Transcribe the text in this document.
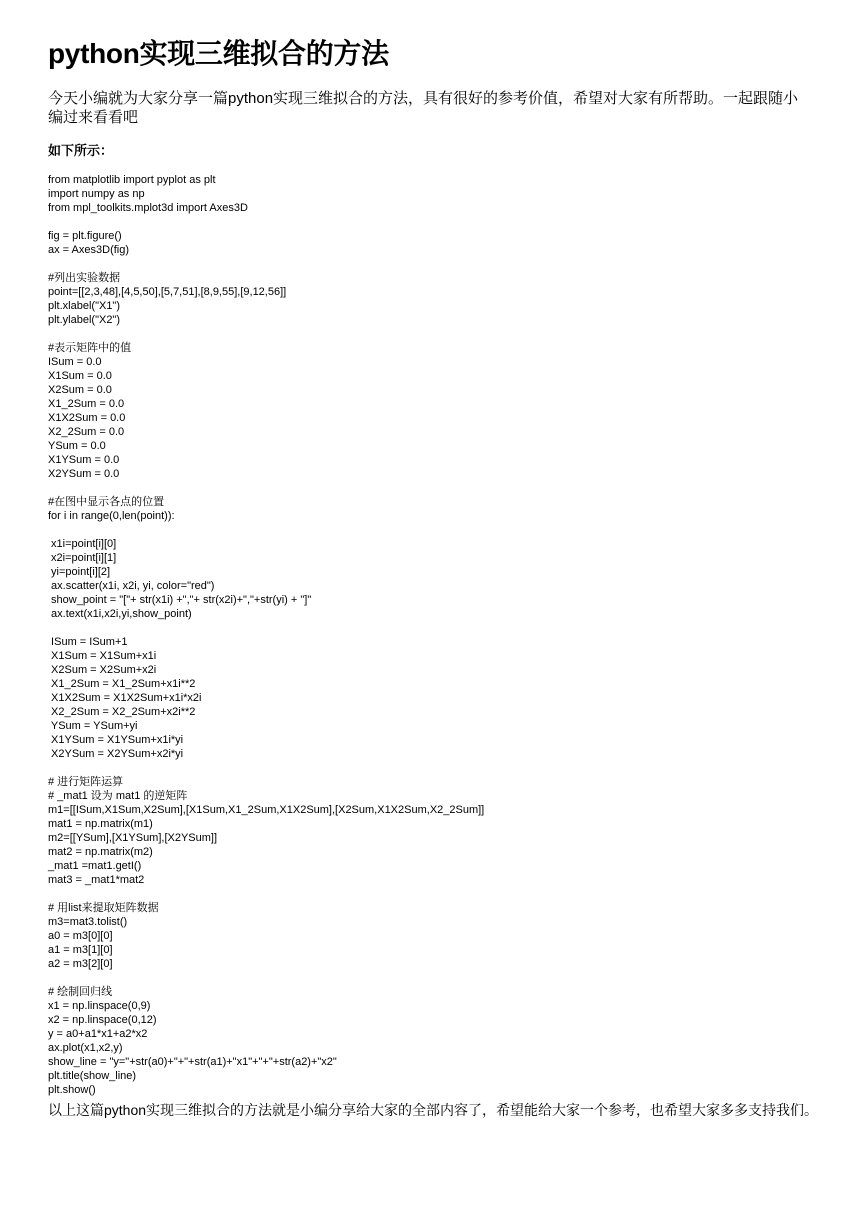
python实现三维拟合的方法

今天小编就为大家分享一篇python实现三维拟合的方法，具有很好的参考价值，希望对大家有所帮助。一起跟随小编过来看看吧

如下所示：

from matplotlib import pyplot as plt
import numpy as np
from mpl_toolkits.mplot3d import Axes3D

fig = plt.figure()
ax = Axes3D(fig)

#列出实验数据
point=[[2,3,48],[4,5,50],[5,7,51],[8,9,55],[9,12,56]]
plt.xlabel("X1")
plt.ylabel("X2")

#表示矩阵中的值
ISum = 0.0
X1Sum = 0.0
X2Sum = 0.0
X1_2Sum = 0.0
X1X2Sum = 0.0
X2_2Sum = 0.0
YSum = 0.0
X1YSum = 0.0
X2YSum = 0.0

#在图中显示各点的位置
for i in range(0,len(point)):

x1i=point[i][0]
x2i=point[i][1]
yi=point[i][2]
ax.scatter(x1i, x2i, yi, color="red")
show_point = "["+ str(x1i) +","+ str(x2i)+","+str(yi) + "]"
ax.text(x1i,x2i,yi,show_point)

ISum = ISum+1
X1Sum = X1Sum+x1i
X2Sum = X2Sum+x2i
X1_2Sum = X1_2Sum+x1i**2
X1X2Sum = X1X2Sum+x1i*x2i
X2_2Sum = X2_2Sum+x2i**2
YSum = YSum+yi
X1YSum = X1YSum+x1i*yi
X2YSum = X2YSum+x2i*yi

# 进行矩阵运算
# _mat1 设为 mat1 的逆矩阵
m1=[[ISum,X1Sum,X2Sum],[X1Sum,X1_2Sum,X1X2Sum],[X2Sum,X1X2Sum,X2_2Sum]]
mat1 = np.matrix(m1)
m2=[[YSum],[X1YSum],[X2YSum]]
mat2 = np.matrix(m2)
_mat1 =mat1.getI()
mat3 = _mat1*mat2

# 用list来提取矩阵数据
m3=mat3.tolist()
a0 = m3[0][0]
a1 = m3[1][0]
a2 = m3[2][0]

# 绘制回归线
x1 = np.linspace(0,9)
x2 = np.linspace(0,12)
y = a0+a1*x1+a2*x2
ax.plot(x1,x2,y)
show_line = "y="+str(a0)+"+"+str(a1)+"x1"+"+"+str(a2)+"x2"
plt.title(show_line)
plt.show()

以上这篇python实现三维拟合的方法就是小编分享给大家的全部内容了，希望能给大家一个参考，也希望大家多多支持我们。
